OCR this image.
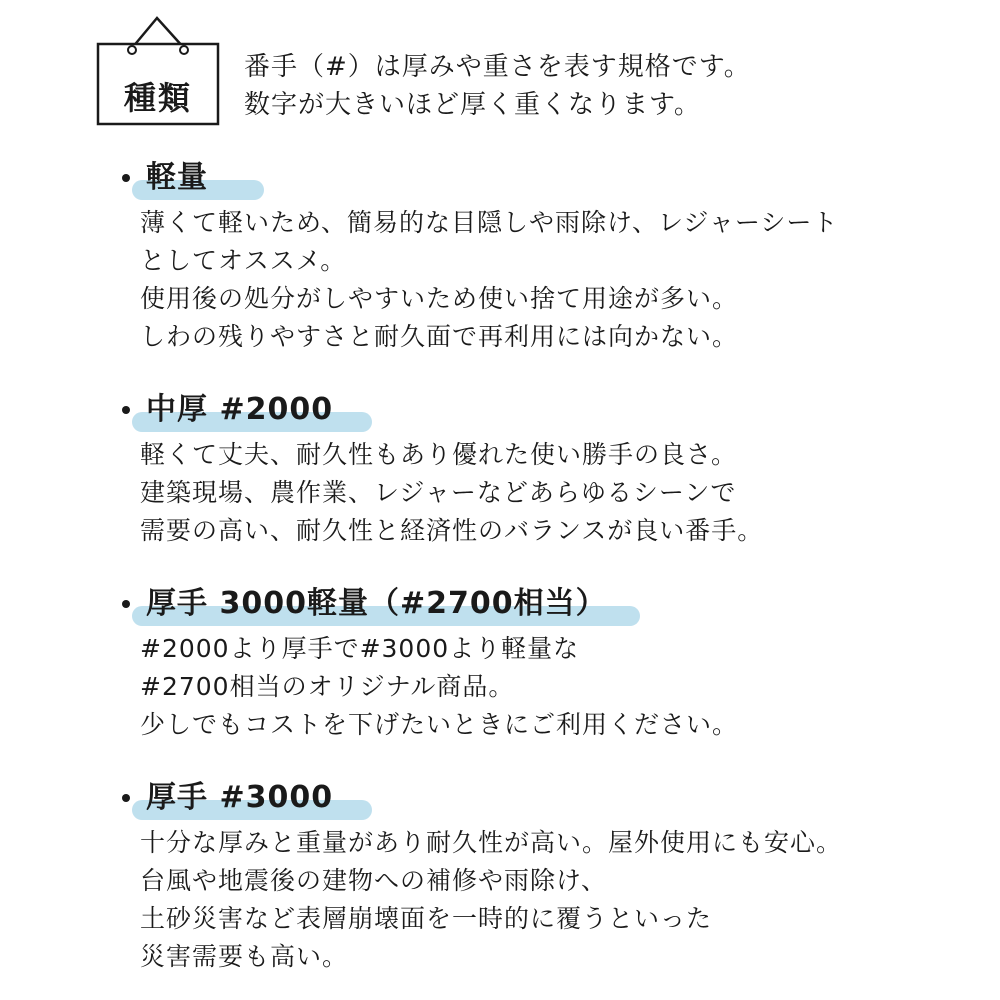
種類
番手（#）は厚みや重さを表す規格です。
数字が大きいほど厚く重くなります。
軽量
薄くて軽いため、簡易的な目隠しや雨除け、レジャーシート
としてオススメ。
使用後の処分がしやすいため使い捨て用途が多い。
しわの残りやすさと耐久面で再利用には向かない。
中厚 #2000
軽くて丈夫、耐久性もあり優れた使い勝手の良さ。
建築現場、農作業、レジャーなどあらゆるシーンで
需要の高い、耐久性と経済性のバランスが良い番手。
厚手 3000軽量（#2700相当）
#2000より厚手で#3000より軽量な
#2700相当のオリジナル商品。
少しでもコストを下げたいときにご利用ください。
厚手 #3000
十分な厚みと重量があり耐久性が高い。屋外使用にも安心。
台風や地震後の建物への補修や雨除け、
土砂災害など表層崩壊面を一時的に覆うといった
災害需要も高い。
